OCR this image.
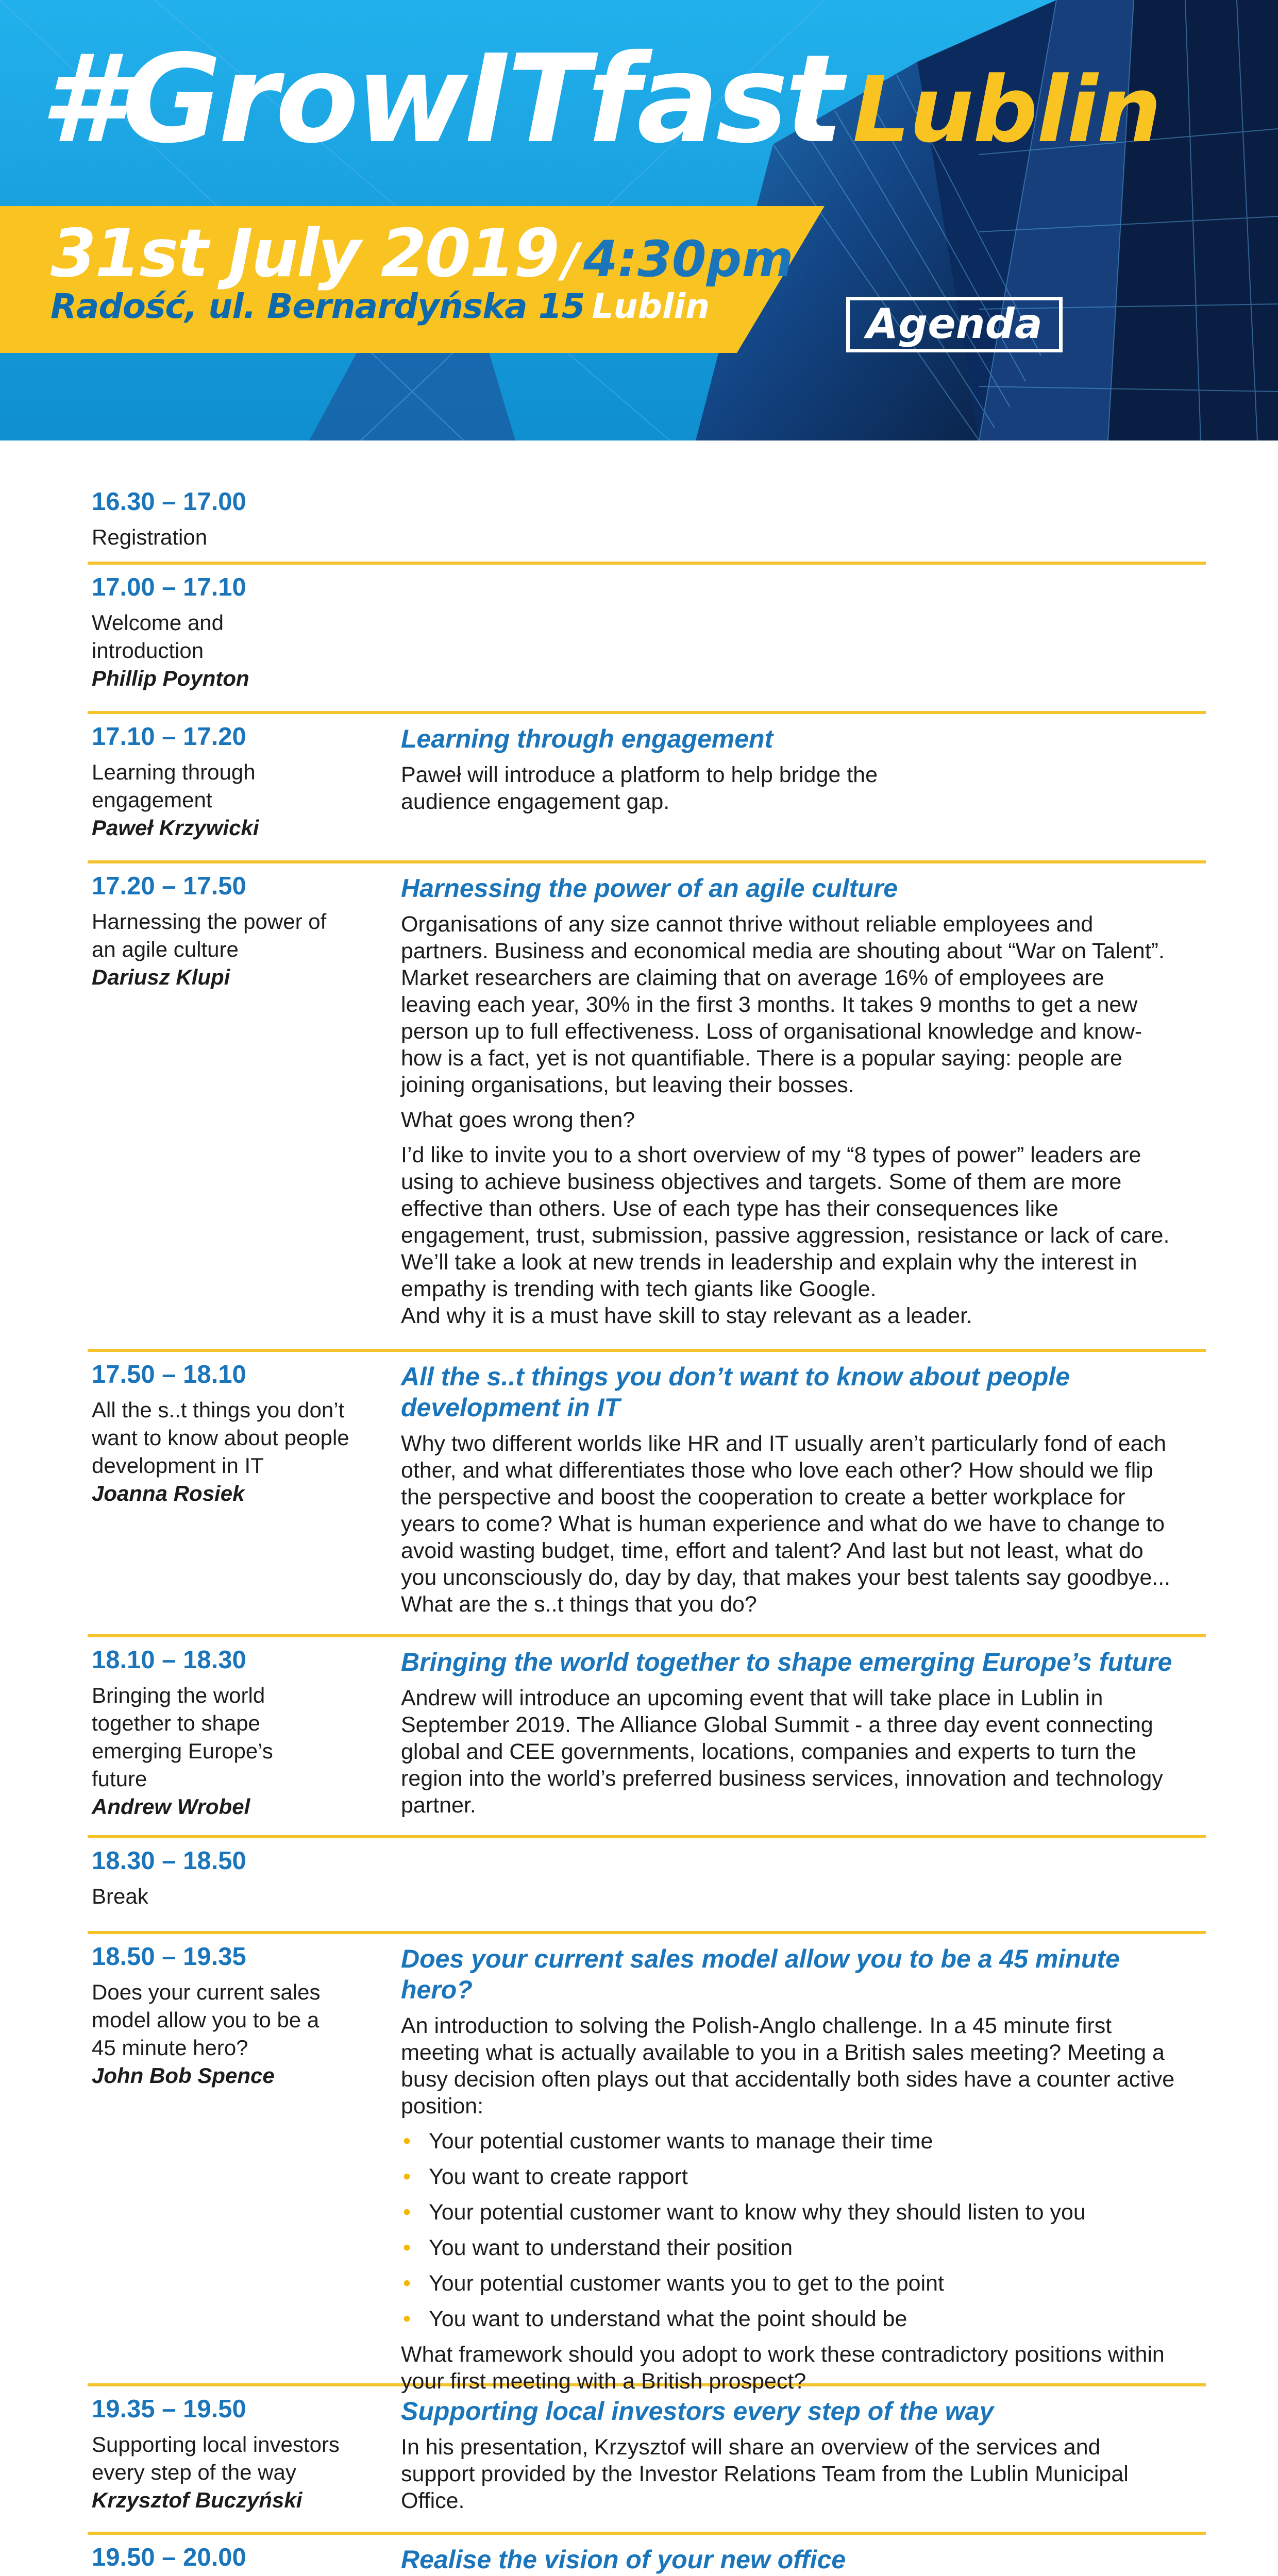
#GrowITfast Lublin
31st July 2019/4:30pm
Radość, ul. Bernardyńska 15 Lublin	Agenda
16.30 – 17.00
Registration
17.00 – 17.10
Welcome and introduction
Phillip Poynton
17.10 – 17.20
Learning through engagement
Paweł Krzywicki
Learning through engagement
Paweł will introduce a platform to help bridge the audience engagement gap.
17.20 – 17.50
Harnessing the power of an agile culture
Dariusz Klupi
Harnessing the power of an agile culture
Organisations of any size cannot thrive without reliable employees and partners. Business and economical media are shouting about “War on Talent”. Market researchers are claiming that on average 16% of employees are leaving each year, 30% in the first 3 months. It takes 9 months to get a new person up to full effectiveness. Loss of organisational knowledge and know-how is a fact, yet is not quantifiable. There is a popular saying: people are joining organisations, but leaving their bosses.
What goes wrong then?
I’d like to invite you to a short overview of my “8 types of power” leaders are using to achieve business objectives and targets. Some of them are more effective than others. Use of each type has their consequences like engagement, trust, submission, passive aggression, resistance or lack of care. We’ll take a look at new trends in leadership and explain why the interest in empathy is trending with tech giants like Google.
And why it is a must have skill to stay relevant as a leader.
17.50 – 18.10
All the s..t things you don’t want to know about people development in IT
Joanna Rosiek
All the s..t things you don’t want to know about people development in IT
Why two different worlds like HR and IT usually aren’t particularly fond of each other, and what differentiates those who love each other? How should we flip the perspective and boost the cooperation to create a better workplace for years to come? What is human experience and what do we have to change to avoid wasting budget, time, effort and talent? And last but not least, what do you unconsciously do, day by day, that makes your best talents say goodbye... What are the s..t things that you do?
18.10 – 18.30
Bringing the world together to shape emerging Europe’s future
Andrew Wrobel
Bringing the world together to shape emerging Europe’s future
Andrew will introduce an upcoming event that will take place in Lublin in September 2019. The Alliance Global Summit - a three day event connecting global and CEE governments, locations, companies and experts to turn the region into the world’s preferred business services, innovation and technology partner.
18.30 – 18.50
Break
18.50 – 19.35
Does your current sales model allow you to be a 45 minute hero?
John Bob Spence
Does your current sales model allow you to be a 45 minute hero?
An introduction to solving the Polish-Anglo challenge. In a 45 minute first meeting what is actually available to you in a British sales meeting? Meeting a busy decision often plays out that accidentally both sides have a counter active position:
• Your potential customer wants to manage their time
• You want to create rapport
• Your potential customer want to know why they should listen to you
• You want to understand their position
• Your potential customer wants you to get to the point
• You want to understand what the point should be
What framework should you adopt to work these contradictory positions within your first meeting with a British prospect?
19.35 – 19.50
Supporting local investors every step of the way
Krzysztof Buczyński
Supporting local investors every step of the way
In his presentation, Krzysztof will share an overview of the services and support provided by the Investor Relations Team from the Lublin Municipal Office.
19.50 – 20.00	Realise the vision of your new office
